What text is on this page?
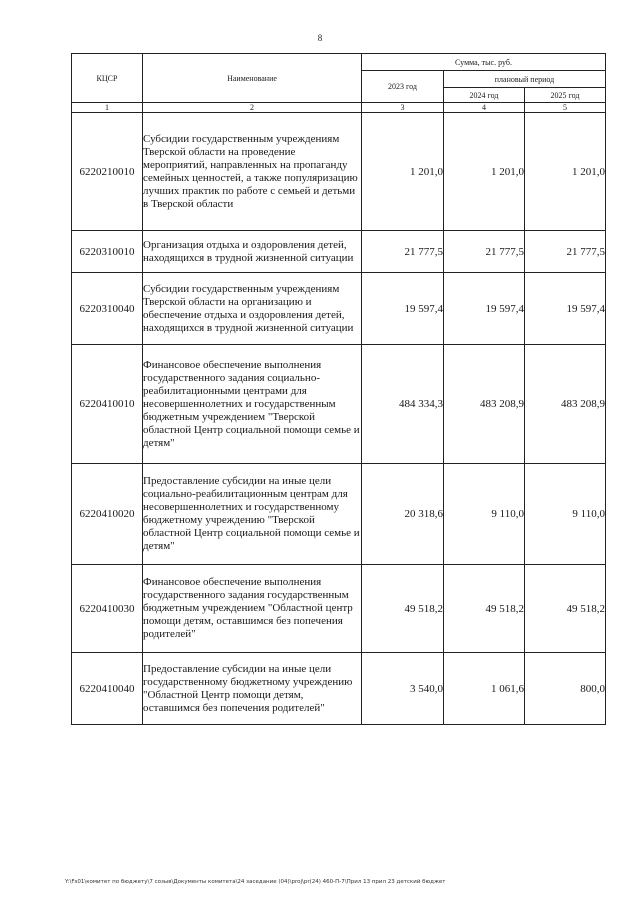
8
КЦСР	Наименование	Сумма, тыс. руб.		
		2023 год	плановый период	
			2024 год	2025 год
1	2	3	4	5
6220210010	Субсидии государственным учреждениям Тверской области на проведение мероприятий, направленных на пропаганду семейных ценностей, а также популяризацию лучших практик по работе с семьей и детьми в Тверской области	1 201,0	1 201,0	1 201,0
6220310010	Организация отдыха и оздоровления детей, находящихся в трудной жизненной ситуации	21 777,5	21 777,5	21 777,5
6220310040	Субсидии государственным учреждениям Тверской области на организацию и обеспечение отдыха и оздоровления детей, находящихся в трудной жизненной ситуации	19 597,4	19 597,4	19 597,4
6220410010	Финансовое обеспечение выполнения государственного задания социально-реабилитационными центрами для несовершеннолетних и государственным бюджетным учреждением "Тверской областной Центр социальной помощи семье и детям"	484 334,3	483 208,9	483 208,9
6220410020	Предоставление субсидии на иные цели социально-реабилитационным центрам для несовершеннолетних и государственному бюджетному учреждению "Тверской областной Центр социальной помощи семье и детям"	20 318,6	9 110,0	9 110,0
6220410030	Финансовое обеспечение выполнения государственного задания государственным бюджетным учреждением "Областной центр помощи детям, оставшимся без попечения родителей"	49 518,2	49 518,2	49 518,2
6220410040	Предоставление субсидии на иные цели государственному бюджетному учреждению "Областной Центр помощи детям, оставшимся без попечения родителей"	3 540,0	1 061,6	800,0
Y:\Fs01\комитет по бюджету\7 созыв\Документы комитета\24 заседание (04)\proj\pr(24) 460-П-7\Прил 13 прил 23 детский бюджет
